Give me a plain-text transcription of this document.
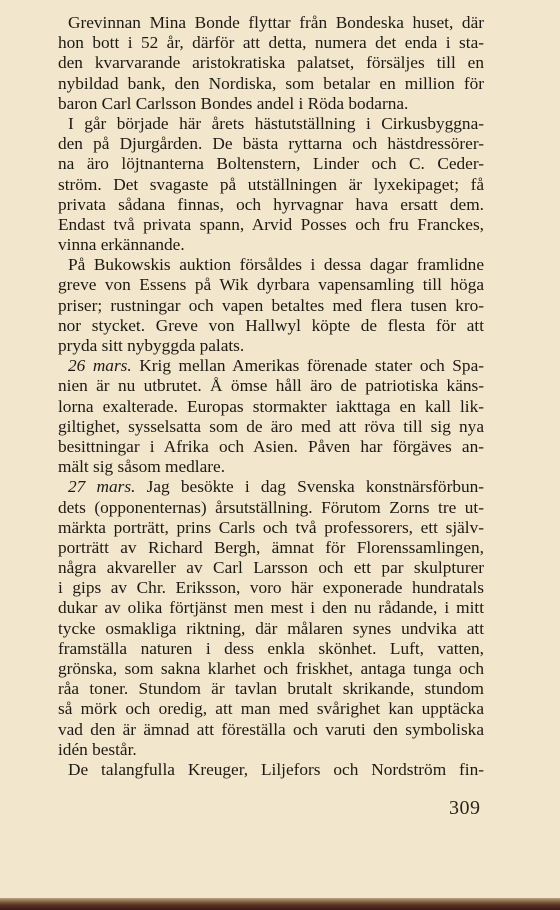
Grevinnan Mina Bonde flyttar från Bondeska huset, där
hon bott i 52 år, därför att detta, numera det enda i sta-
den kvarvarande aristokratiska palatset, försäljes till en
nybildad bank, den Nordiska, som betalar en million för
baron Carl Carlsson Bondes andel i Röda bodarna.
I går började här årets hästutställning i Cirkusbyggna-
den på Djurgården. De bästa ryttarna och hästdressörer-
na äro löjtnanterna Boltenstern, Linder och C. Ceder-
ström. Det svagaste på utställningen är lyxekipaget; få
privata sådana finnas, och hyrvagnar hava ersatt dem.
Endast två privata spann, Arvid Posses och fru Franckes,
vinna erkännande.
På Bukowskis auktion försåldes i dessa dagar framlidne
greve von Essens på Wik dyrbara vapensamling till höga
priser; rustningar och vapen betaltes med flera tusen kro-
nor stycket. Greve von Hallwyl köpte de flesta för att
pryda sitt nybyggda palats.
26 mars. Krig mellan Amerikas förenade stater och Spa-
nien är nu utbrutet. Å ömse håll äro de patriotiska käns-
lorna exalterade. Europas stormakter iakttaga en kall lik-
giltighet, sysselsatta som de äro med att röva till sig nya
besittningar i Afrika och Asien. Påven har förgäves an-
mält sig såsom medlare.
27 mars. Jag besökte i dag Svenska konstnärsförbun-
dets (opponenternas) årsutställning. Förutom Zorns tre ut-
märkta porträtt, prins Carls och två professorers, ett själv-
porträtt av Richard Bergh, ämnat för Florenssamlingen,
några akvareller av Carl Larsson och ett par skulpturer
i gips av Chr. Eriksson, voro här exponerade hundratals
dukar av olika förtjänst men mest i den nu rådande, i mitt
tycke osmakliga riktning, där målaren synes undvika att
framställa naturen i dess enkla skönhet. Luft, vatten,
grönska, som sakna klarhet och friskhet, antaga tunga och
råa toner. Stundom är tavlan brutalt skrikande, stundom
så mörk och oredig, att man med svårighet kan upptäcka
vad den är ämnad att föreställa och varuti den symboliska
idén består.
De talangfulla Kreuger, Liljefors och Nordström fin-
309
